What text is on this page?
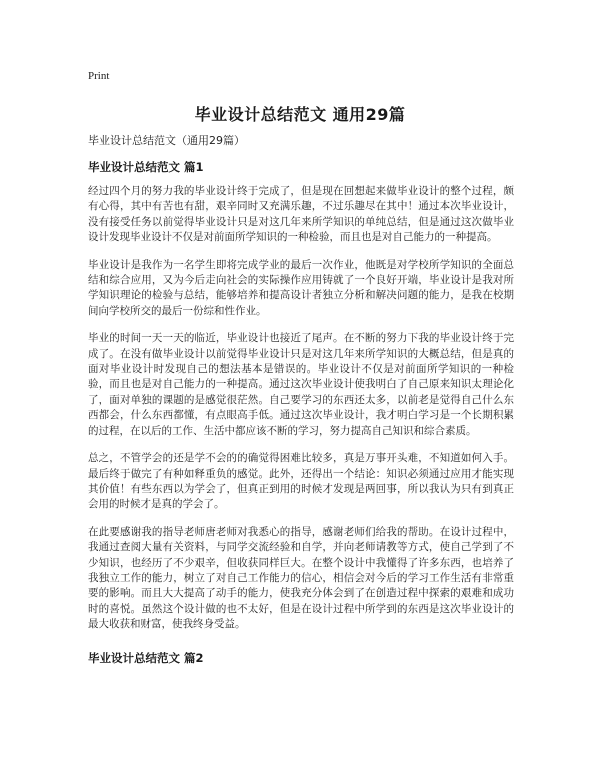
Print

毕业设计总结范文 通用29篇

毕业设计总结范文（通用29篇）

毕业设计总结范文 篇1

经过四个月的努力我的毕业设计终于完成了，但是现在回想起来做毕业设计的整个过程，颇有心得，其中有苦也有甜，艰辛同时又充满乐趣，不过乐趣尽在其中！通过本次毕业设计，没有接受任务以前觉得毕业设计只是对这几年来所学知识的单纯总结，但是通过这次做毕业设计发现毕业设计不仅是对前面所学知识的一种检验，而且也是对自己能力的一种提高。

毕业设计是我作为一名学生即将完成学业的最后一次作业，他既是对学校所学知识的全面总结和综合应用，又为今后走向社会的实际操作应用铸就了一个良好开端，毕业设计是我对所学知识理论的检验与总结，能够培养和提高设计者独立分析和解决问题的能力，是我在校期间向学校所交的最后一份综和性作业。

毕业的时间一天一天的临近，毕业设计也接近了尾声。在不断的努力下我的毕业设计终于完成了。在没有做毕业设计以前觉得毕业设计只是对这几年来所学知识的大概总结，但是真的面对毕业设计时发现自己的想法基本是错误的。毕业设计不仅是对前面所学知识的一种检验，而且也是对自己能力的一种提高。通过这次毕业设计使我明白了自己原来知识太理论化了，面对单独的课题的是感觉很茫然。自己要学习的东西还太多，以前老是觉得自己什么东西都会，什么东西都懂，有点眼高手低。通过这次毕业设计，我才明白学习是一个长期积累的过程，在以后的工作、生活中都应该不断的学习，努力提高自己知识和综合素质。

总之，不管学会的还是学不会的的确觉得困难比较多，真是万事开头难，不知道如何入手。最后终于做完了有种如释重负的感觉。此外，还得出一个结论：知识必须通过应用才能实现其价值！有些东西以为学会了，但真正到用的时候才发现是两回事，所以我认为只有到真正会用的时候才是真的学会了。

在此要感谢我的指导老师唐老师对我悉心的指导，感谢老师们给我的帮助。在设计过程中，我通过查阅大量有关资料，与同学交流经验和自学，并向老师请教等方式，使自己学到了不少知识，也经历了不少艰辛，但收获同样巨大。在整个设计中我懂得了许多东西，也培养了我独立工作的能力，树立了对自己工作能力的信心，相信会对今后的学习工作生活有非常重要的影响。而且大大提高了动手的能力，使我充分体会到了在创造过程中探索的艰难和成功时的喜悦。虽然这个设计做的也不太好，但是在设计过程中所学到的东西是这次毕业设计的最大收获和财富，使我终身受益。

毕业设计总结范文 篇2
